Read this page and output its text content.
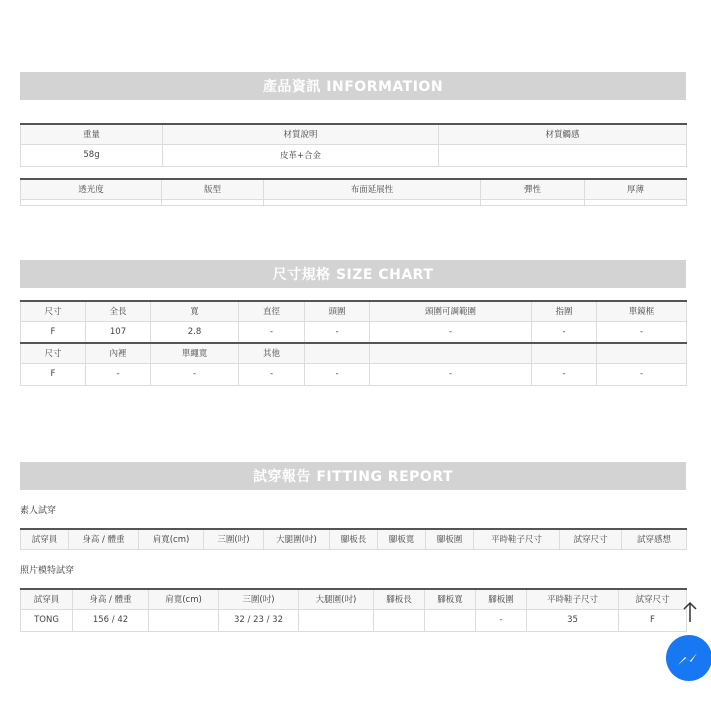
產品資訊 INFORMATION
重量	材質說明	材質觸感
58g	皮革+合金	
透光度	版型	布面延展性	彈性	厚薄

尺寸規格 SIZE CHART
尺寸	全長	寬	直徑	頭圍	頭圍可調範圍	指圍	單鏡框
F	107	2.8	-	-	-	-	-
尺寸	內裡	單繩寬	其他				
F	-	-	-	-	-	-	-
試穿報告 FITTING REPORT
素人試穿
試穿員	身高 / 體重	肩寬(cm)	三圍(吋)	大腿圍(吋)	腳板長	腳板寬	腳板圍	平時鞋子尺寸	試穿尺寸	試穿感想
照片模特試穿
試穿員	身高 / 體重	肩寬(cm)	三圍(吋)	大腿圍(吋)	腳板長	腳板寬	腳板圍	平時鞋子尺寸	試穿尺寸
TONG	156 / 42		32 / 23 / 32				-	35	F
